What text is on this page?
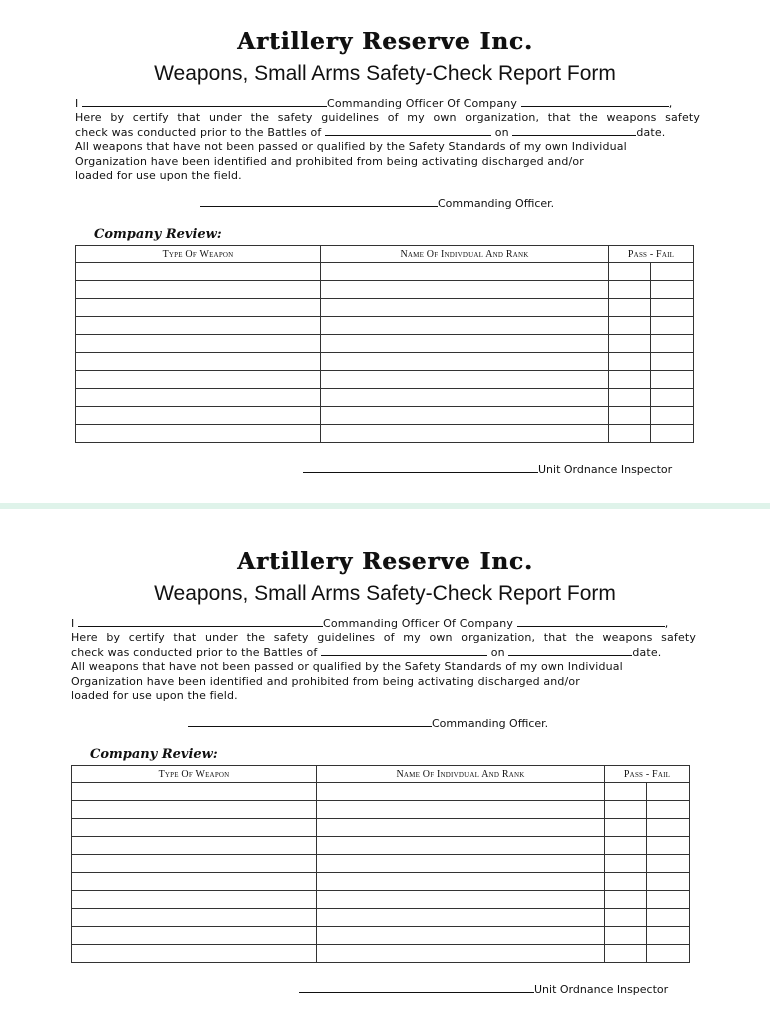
Artillery Reserve Inc.
Weapons, Small Arms Safety-Check Report Form
I	Commanding Officer Of Company	,
Here by certify that under the safety guidelines of my own organization, that the weapons safety
check was conducted prior to the Battles of	on	date.
All weapons that have not been passed or qualified by the Safety Standards of my own Individual
Organization have been identified and prohibited from being activating discharged and/or
loaded for use upon the field.
Commanding Officer.
Company Review:
Type Of Weapon	Name Of Indivdual And Rank	Pass - Fail	

Unit Ordnance Inspector
Artillery Reserve Inc.
Weapons, Small Arms Safety-Check Report Form
I	Commanding Officer Of Company	,
Here by certify that under the safety guidelines of my own organization, that the weapons safety
check was conducted prior to the Battles of	on	date.
All weapons that have not been passed or qualified by the Safety Standards of my own Individual
Organization have been identified and prohibited from being activating discharged and/or
loaded for use upon the field.
Commanding Officer.
Company Review:
Type Of Weapon	Name Of Indivdual And Rank	Pass - Fail	

Unit Ordnance Inspector
